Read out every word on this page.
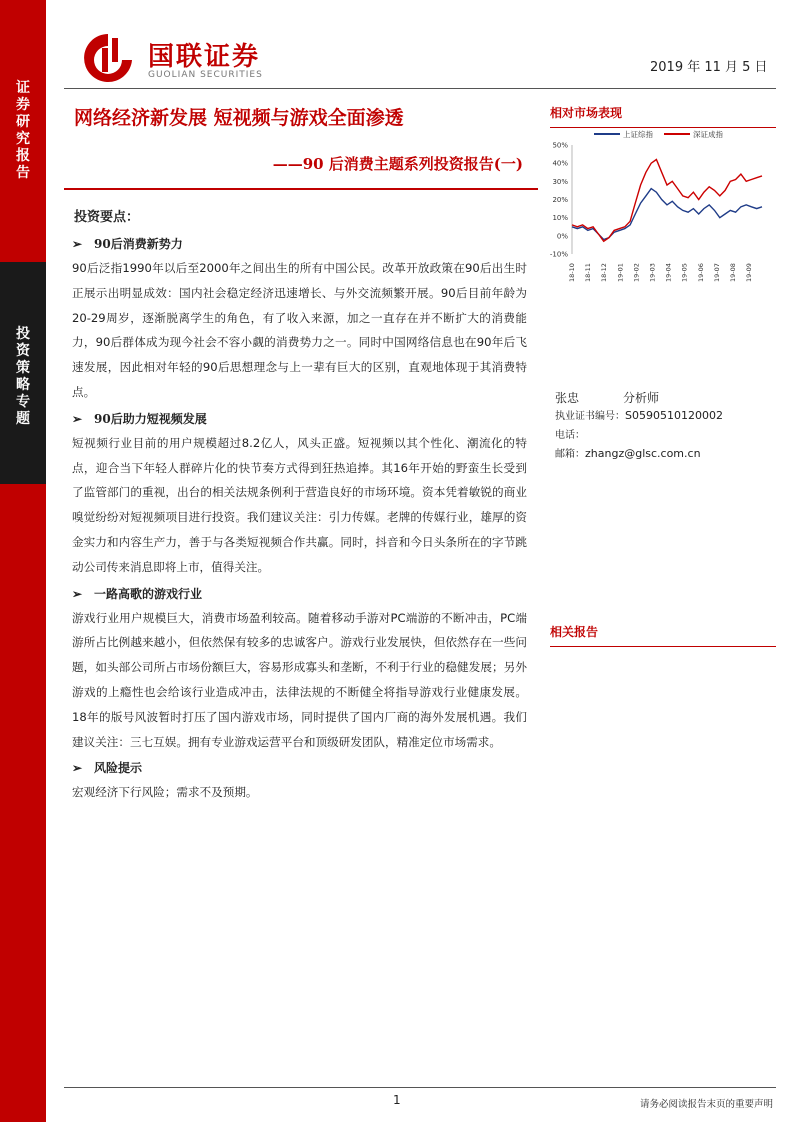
证
券
研
究
报
告
投
资
策
略
专
题
国联证券
GUOLIAN SECURITIES	2019 年 11 月 5 日
网络经济新发展 短视频与游戏全面渗透
——90 后消费主题系列投资报告(一)
投资要点：
➢ 90后消费新势力

90后泛指1990年以后至2000年之间出生的所有中国公民。改革开放政策在90后出生时正展示出明显成效：国内社会稳定经济迅速增长、与外交流频繁开展。90后目前年龄为20-29周岁，逐渐脱离学生的角色，有了收入来源，加之一直存在并不断扩大的消费能力，90后群体成为现今社会不容小觑的消费势力之一。同时中国网络信息也在90年后飞速发展，因此相对年轻的90后思想理念与上一辈有巨大的区别，直观地体现于其消费特点。

➢ 90后助力短视频发展

短视频行业目前的用户规模超过8.2亿人，风头正盛。短视频以其个性化、潮流化的特点，迎合当下年轻人群碎片化的快节奏方式得到狂热追捧。其16年开始的野蛮生长受到了监管部门的重视，出台的相关法规条例利于营造良好的市场环境。资本凭着敏锐的商业嗅觉纷纷对短视频项目进行投资。我们建议关注：引力传媒。老牌的传媒行业，雄厚的资金实力和内容生产力，善于与各类短视频合作共赢。同时，抖音和今日头条所在的字节跳动公司传来消息即将上市，值得关注。

➢ 一路高歌的游戏行业

游戏行业用户规模巨大，消费市场盈利较高。随着移动手游对PC端游的不断冲击，PC端游所占比例越来越小，但依然保有较多的忠诚客户。游戏行业发展快，但依然存在一些问题，如头部公司所占市场份额巨大，容易形成寡头和垄断，不利于行业的稳健发展；另外游戏的上瘾性也会给该行业造成冲击，法律法规的不断健全将指导游戏行业健康发展。18年的版号风波暂时打压了国内游戏市场，同时提供了国内厂商的海外发展机遇。我们建议关注：三七互娱。拥有专业游戏运营平台和顶级研发团队，精准定位市场需求。

➢ 风险提示

宏观经济下行风险；需求不及预期。

相对市场表现
50%
40%
30%
20%
10%
0%
-10%
18-10 18-11 18-12 19-01 19-02 19-03 19-04 19-05 19-06 19-07 19-08 19-09
上证综指	深证成指
张忠	分析师
执业证书编号：S0590510120002
电话：
邮箱：zhangz@glsc.com.cn
相关报告
1	请务必阅读报告末页的重要声明
